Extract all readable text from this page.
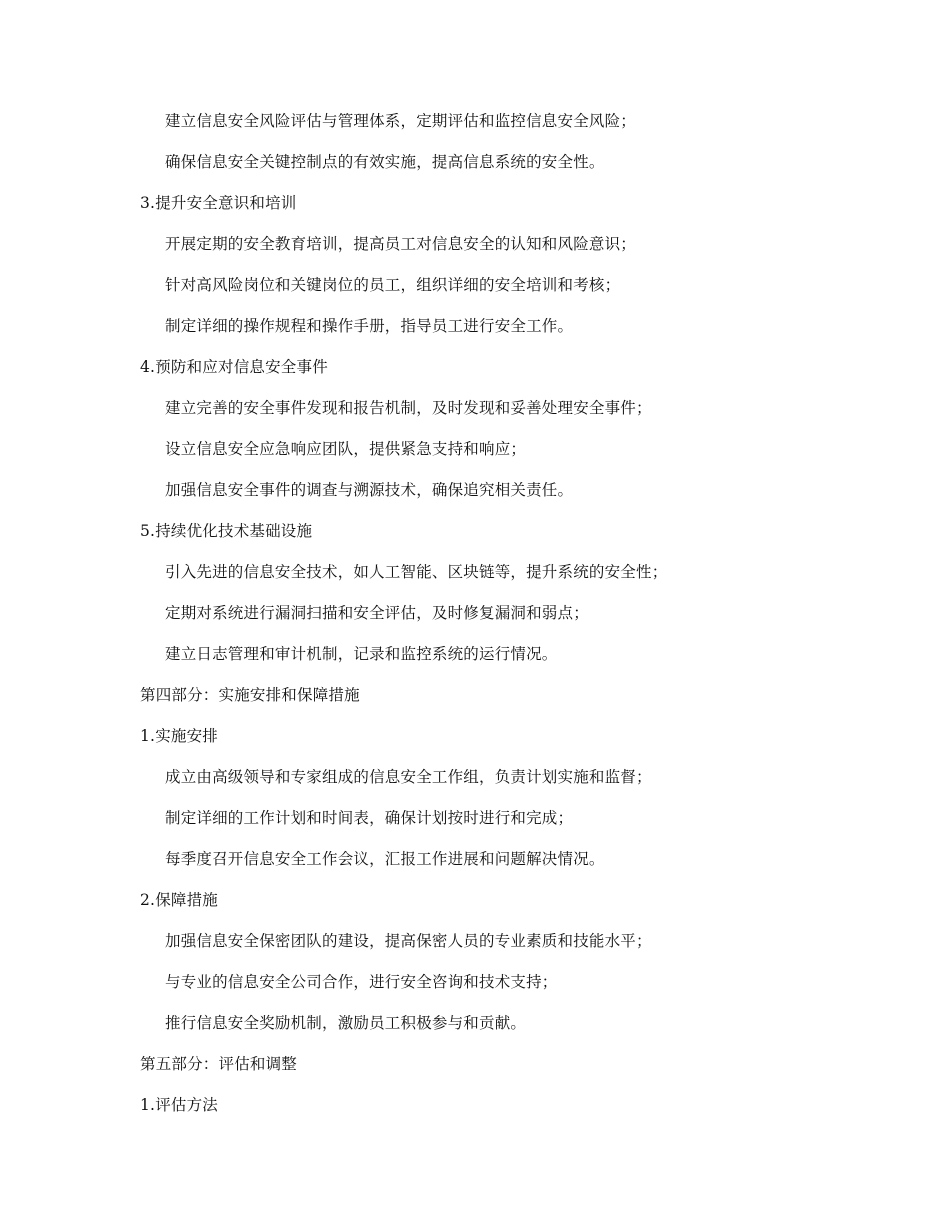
建立信息安全风险评估与管理体系，定期评估和监控信息安全风险；
确保信息安全关键控制点的有效实施，提高信息系统的安全性。
3.提升安全意识和培训
开展定期的安全教育培训，提高员工对信息安全的认知和风险意识；
针对高风险岗位和关键岗位的员工，组织详细的安全培训和考核；
制定详细的操作规程和操作手册，指导员工进行安全工作。
4.预防和应对信息安全事件
建立完善的安全事件发现和报告机制，及时发现和妥善处理安全事件；
设立信息安全应急响应团队，提供紧急支持和响应；
加强信息安全事件的调查与溯源技术，确保追究相关责任。
5.持续优化技术基础设施
引入先进的信息安全技术，如人工智能、区块链等，提升系统的安全性；
定期对系统进行漏洞扫描和安全评估，及时修复漏洞和弱点；
建立日志管理和审计机制，记录和监控系统的运行情况。
第四部分：实施安排和保障措施
1.实施安排
成立由高级领导和专家组成的信息安全工作组，负责计划实施和监督；
制定详细的工作计划和时间表，确保计划按时进行和完成；
每季度召开信息安全工作会议，汇报工作进展和问题解决情况。
2.保障措施
加强信息安全保密团队的建设，提高保密人员的专业素质和技能水平；
与专业的信息安全公司合作，进行安全咨询和技术支持；
推行信息安全奖励机制，激励员工积极参与和贡献。
第五部分：评估和调整
1.评估方法
